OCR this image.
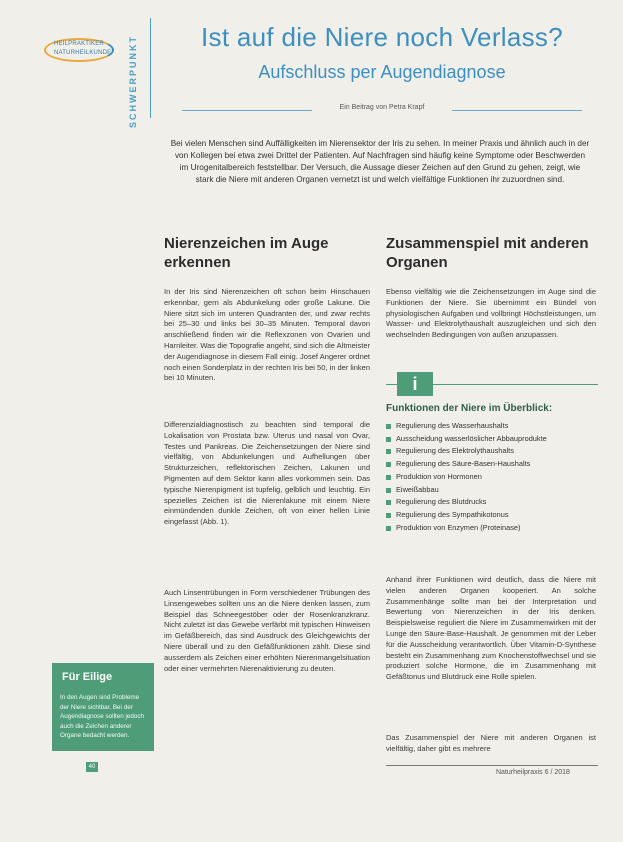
HEILPRAKTIKER
NATURHEILKUNDE SCHWERPUNKT	Ist auf die Niere noch Verlass?
Aufschluss per Augendiagnose
Ein Beitrag von Petra Krapf

Bei vielen Menschen sind Auffälligkeiten im Nierensektor der Iris zu sehen. In meiner Praxis und ähnlich auch in der von Kollegen bei etwa zwei Drittel der Patienten. Auf Nachfragen sind häufig keine Symptome oder Beschwerden im Urogenitalbereich feststellbar. Der Versuch, die Aussage dieser Zeichen auf den Grund zu gehen, zeigt, wie stark die Niere mit anderen Organen vernetzt ist und welch vielfältige Funktionen ihr zuzuordnen sind.

Nierenzeichen im Auge erkennen

In der Iris sind Nierenzeichen oft schon beim Hinschauen erkennbar, gern als Abdunkelung oder große Lakune. Die Niere sitzt sich im unteren Quadranten der, und zwar rechts bei 25–30 und links bei 30–35 Minuten. Temporal davon anschließend finden wir die Reflexzonen von Ovarien und Harnleiter. Was die Topografie angeht, sind sich die Altmeister der Augendiagnose in diesem Fall einig. Josef Angerer ordnet noch einen Sonderplatz in der rechten Iris bei 50, in der linken bei 10 Minuten.

Differenzialdiagnostisch zu beachten sind temporal die Lokalisation von Prostata bzw. Uterus und nasal von Ovar, Testes und Pankreas. Die Zeichensetzungen der Niere sind vielfältig, von Abdunkelungen und Aufhellungen über Strukturzeichen, reflektorischen Zeichen, Lakunen und Pigmenten auf dem Sektor kann alles vorkommen sein. Das typische Nierenpigment ist tupfelig, gelblich und leuchtig. Ein spezielles Zeichen ist die Nierenlakune mit einem Niere einmündenden dunkle Zeichen, oft von einer hellen Linie eingefasst (Abb. 1).

Auch Linsentrübungen in Form verschiedener Trübungen des Linsengewebes sollten uns an die Niere denken lassen, zum Beispiel das Schneegestöber oder der Rosenkranzkranz. Nicht zuletzt ist das Gewebe verfärbt mit typischen Hinweisen im Gefäßbereich, das sind Ausdruck des Gleichgewichts der Niere überall und zu den Gefäßfunktionen zählt. Diese sind ausserdem als Zeichen einer erhöhten Nierenmangelsituation oder einer vermehrten Nierenaktivierung zu deuten.

Zusammenspiel mit anderen Organen

Ebenso vielfältig wie die Zeichensetzungen im Auge sind die Funktionen der Niere. Sie übernimmt ein Bündel von physiologischen Aufgaben und vollbringt Höchstleistungen, um Wasser- und Elektrolythaushalt auszugleichen und sich den wechselnden Bedingungen von außen anzupassen.

i
Funktionen der Niere im Überblick:
Regulierung des Wasserhaushalts
Ausscheidung wasserlöslicher Abbauprodukte
Regulierung des Elektrolythaushalts
Regulierung des Säure-Basen-Haushalts
Produktion von Hormonen
Eiweißabbau
Regulierung des Blutdrucks
Regulierung des Sympathikotonus
Produktion von Enzymen (Proteinase)

Anhand ihrer Funktionen wird deutlich, dass die Niere mit vielen anderen Organen kooperiert. An solche Zusammenhänge sollte man bei der Interpretation und Bewertung von Nierenzeichen in der Iris denken. Beispielsweise reguliert die Niere im Zusammenwirken mit der Lunge den Säure-Base-Haushalt. Je genommen mit der Leber für die Ausscheidung verantwortlich. Über Vitamin-D-Synthese besteht ein Zusammenhang zum Knochenstoffwechsel und sie produziert solche Hormone, die im Zusammenhang mit Gefäßtonus und Blutdruck eine Rolle spielen.

Das Zusammenspiel der Niere mit anderen Organen ist vielfältig, daher gibt es mehrere

Für Eilige

In den Augen sind Probleme der Niere sichtbar. Bei der Augendiagnose sollten jedoch auch die Zeichen anderer Organe bedacht werden.

40
Naturheilpraxis 6 / 2018
